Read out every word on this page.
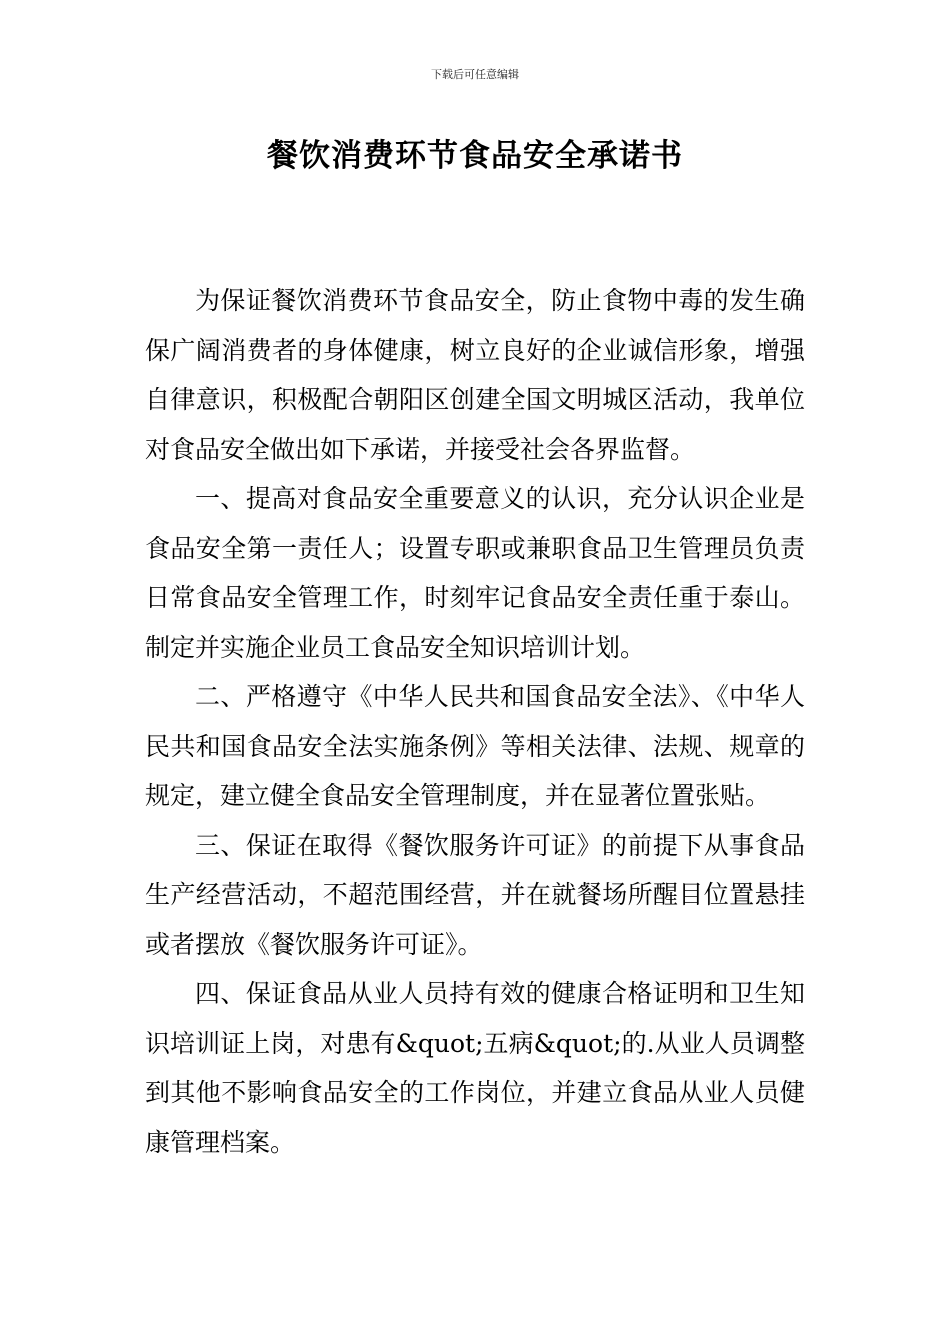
下载后可任意编辑
餐饮消费环节食品安全承诺书

为保证餐饮消费环节食品安全，防止食物中毒的发生确保广阔消费者的身体健康，树立良好的企业诚信形象，增强自律意识，积极配合朝阳区创建全国文明城区活动，我单位对食品安全做出如下承诺，并接受社会各界监督。

一、提高对食品安全重要意义的认识，充分认识企业是食品安全第一责任人；设置专职或兼职食品卫生管理员负责日常食品安全管理工作，时刻牢记食品安全责任重于泰山。制定并实施企业员工食品安全知识培训计划。

二、严格遵守《中华人民共和国食品安全法》、《中华人民共和国食品安全法实施条例》等相关法律、法规、规章的规定，建立健全食品安全管理制度，并在显著位置张贴。

三、保证在取得《餐饮服务许可证》的前提下从事食品生产经营活动，不超范围经营，并在就餐场所醒目位置悬挂或者摆放《餐饮服务许可证》。

四、保证食品从业人员持有效的健康合格证明和卫生知识培训证上岗，对患有&quot;五病&quot;的.从业人员调整到其他不影响食品安全的工作岗位，并建立食品从业人员健康管理档案。
